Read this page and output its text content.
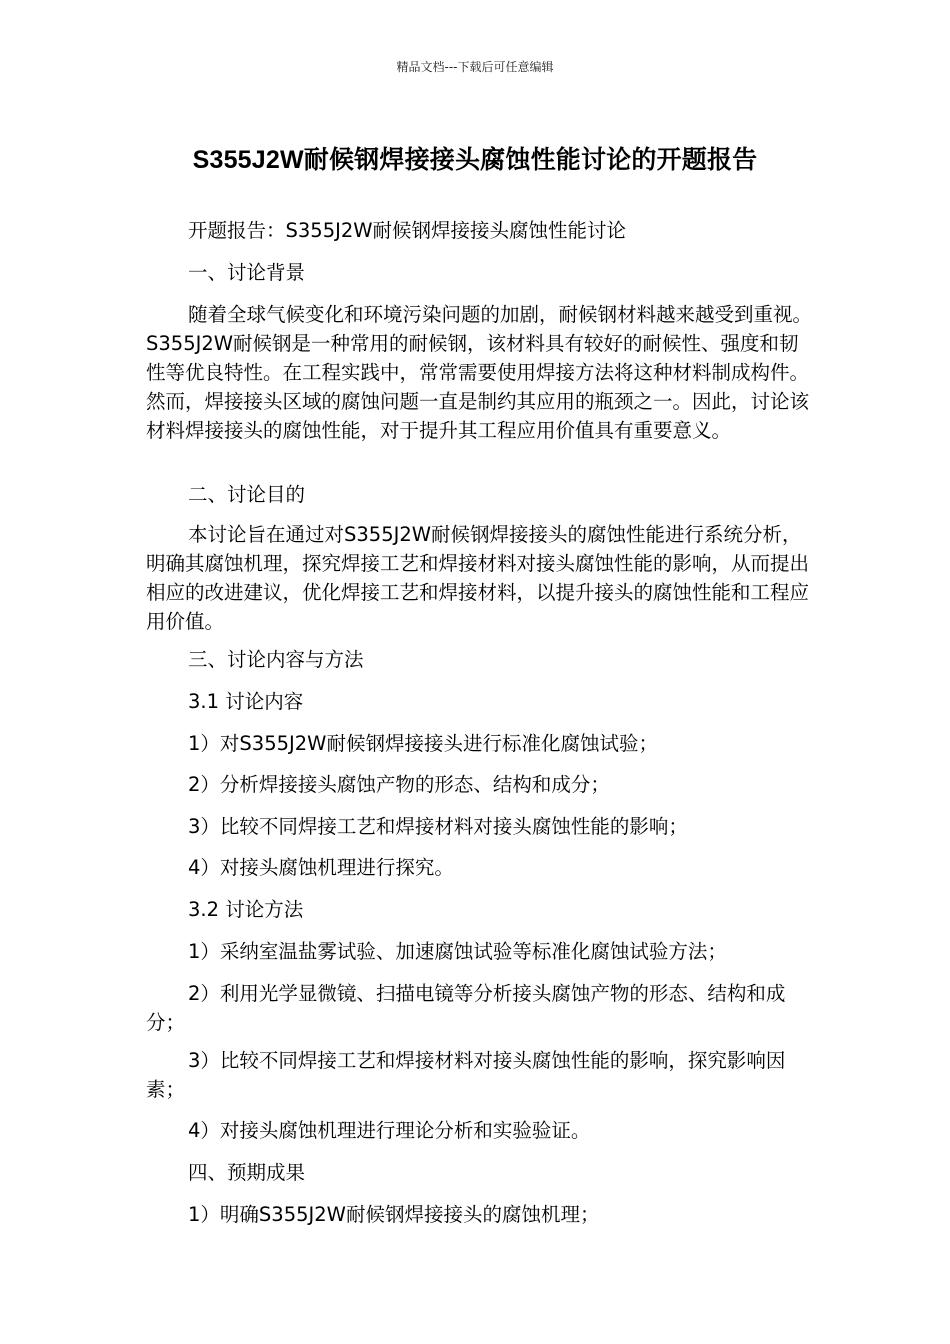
精品文档---下载后可任意编辑
S355J2W耐候钢焊接接头腐蚀性能讨论的开题报告
开题报告：S355J2W耐候钢焊接接头腐蚀性能讨论
一、讨论背景
随着全球气候变化和环境污染问题的加剧，耐候钢材料越来越受到重视。S355J2W耐候钢是一种常用的耐候钢，该材料具有较好的耐候性、强度和韧性等优良特性。在工程实践中，常常需要使用焊接方法将这种材料制成构件。然而，焊接接头区域的腐蚀问题一直是制约其应用的瓶颈之一。因此，讨论该材料焊接接头的腐蚀性能，对于提升其工程应用价值具有重要意义。
二、讨论目的
本讨论旨在通过对S355J2W耐候钢焊接接头的腐蚀性能进行系统分析，明确其腐蚀机理，探究焊接工艺和焊接材料对接头腐蚀性能的影响，从而提出相应的改进建议，优化焊接工艺和焊接材料，以提升接头的腐蚀性能和工程应用价值。
三、讨论内容与方法
3.1 讨论内容
1）对S355J2W耐候钢焊接接头进行标准化腐蚀试验；
2）分析焊接接头腐蚀产物的形态、结构和成分；
3）比较不同焊接工艺和焊接材料对接头腐蚀性能的影响；
4）对接头腐蚀机理进行探究。
3.2 讨论方法
1）采纳室温盐雾试验、加速腐蚀试验等标准化腐蚀试验方法；
2）利用光学显微镜、扫描电镜等分析接头腐蚀产物的形态、结构和成分；
3）比较不同焊接工艺和焊接材料对接头腐蚀性能的影响，探究影响因素；
4）对接头腐蚀机理进行理论分析和实验验证。
四、预期成果
1）明确S355J2W耐候钢焊接接头的腐蚀机理；
